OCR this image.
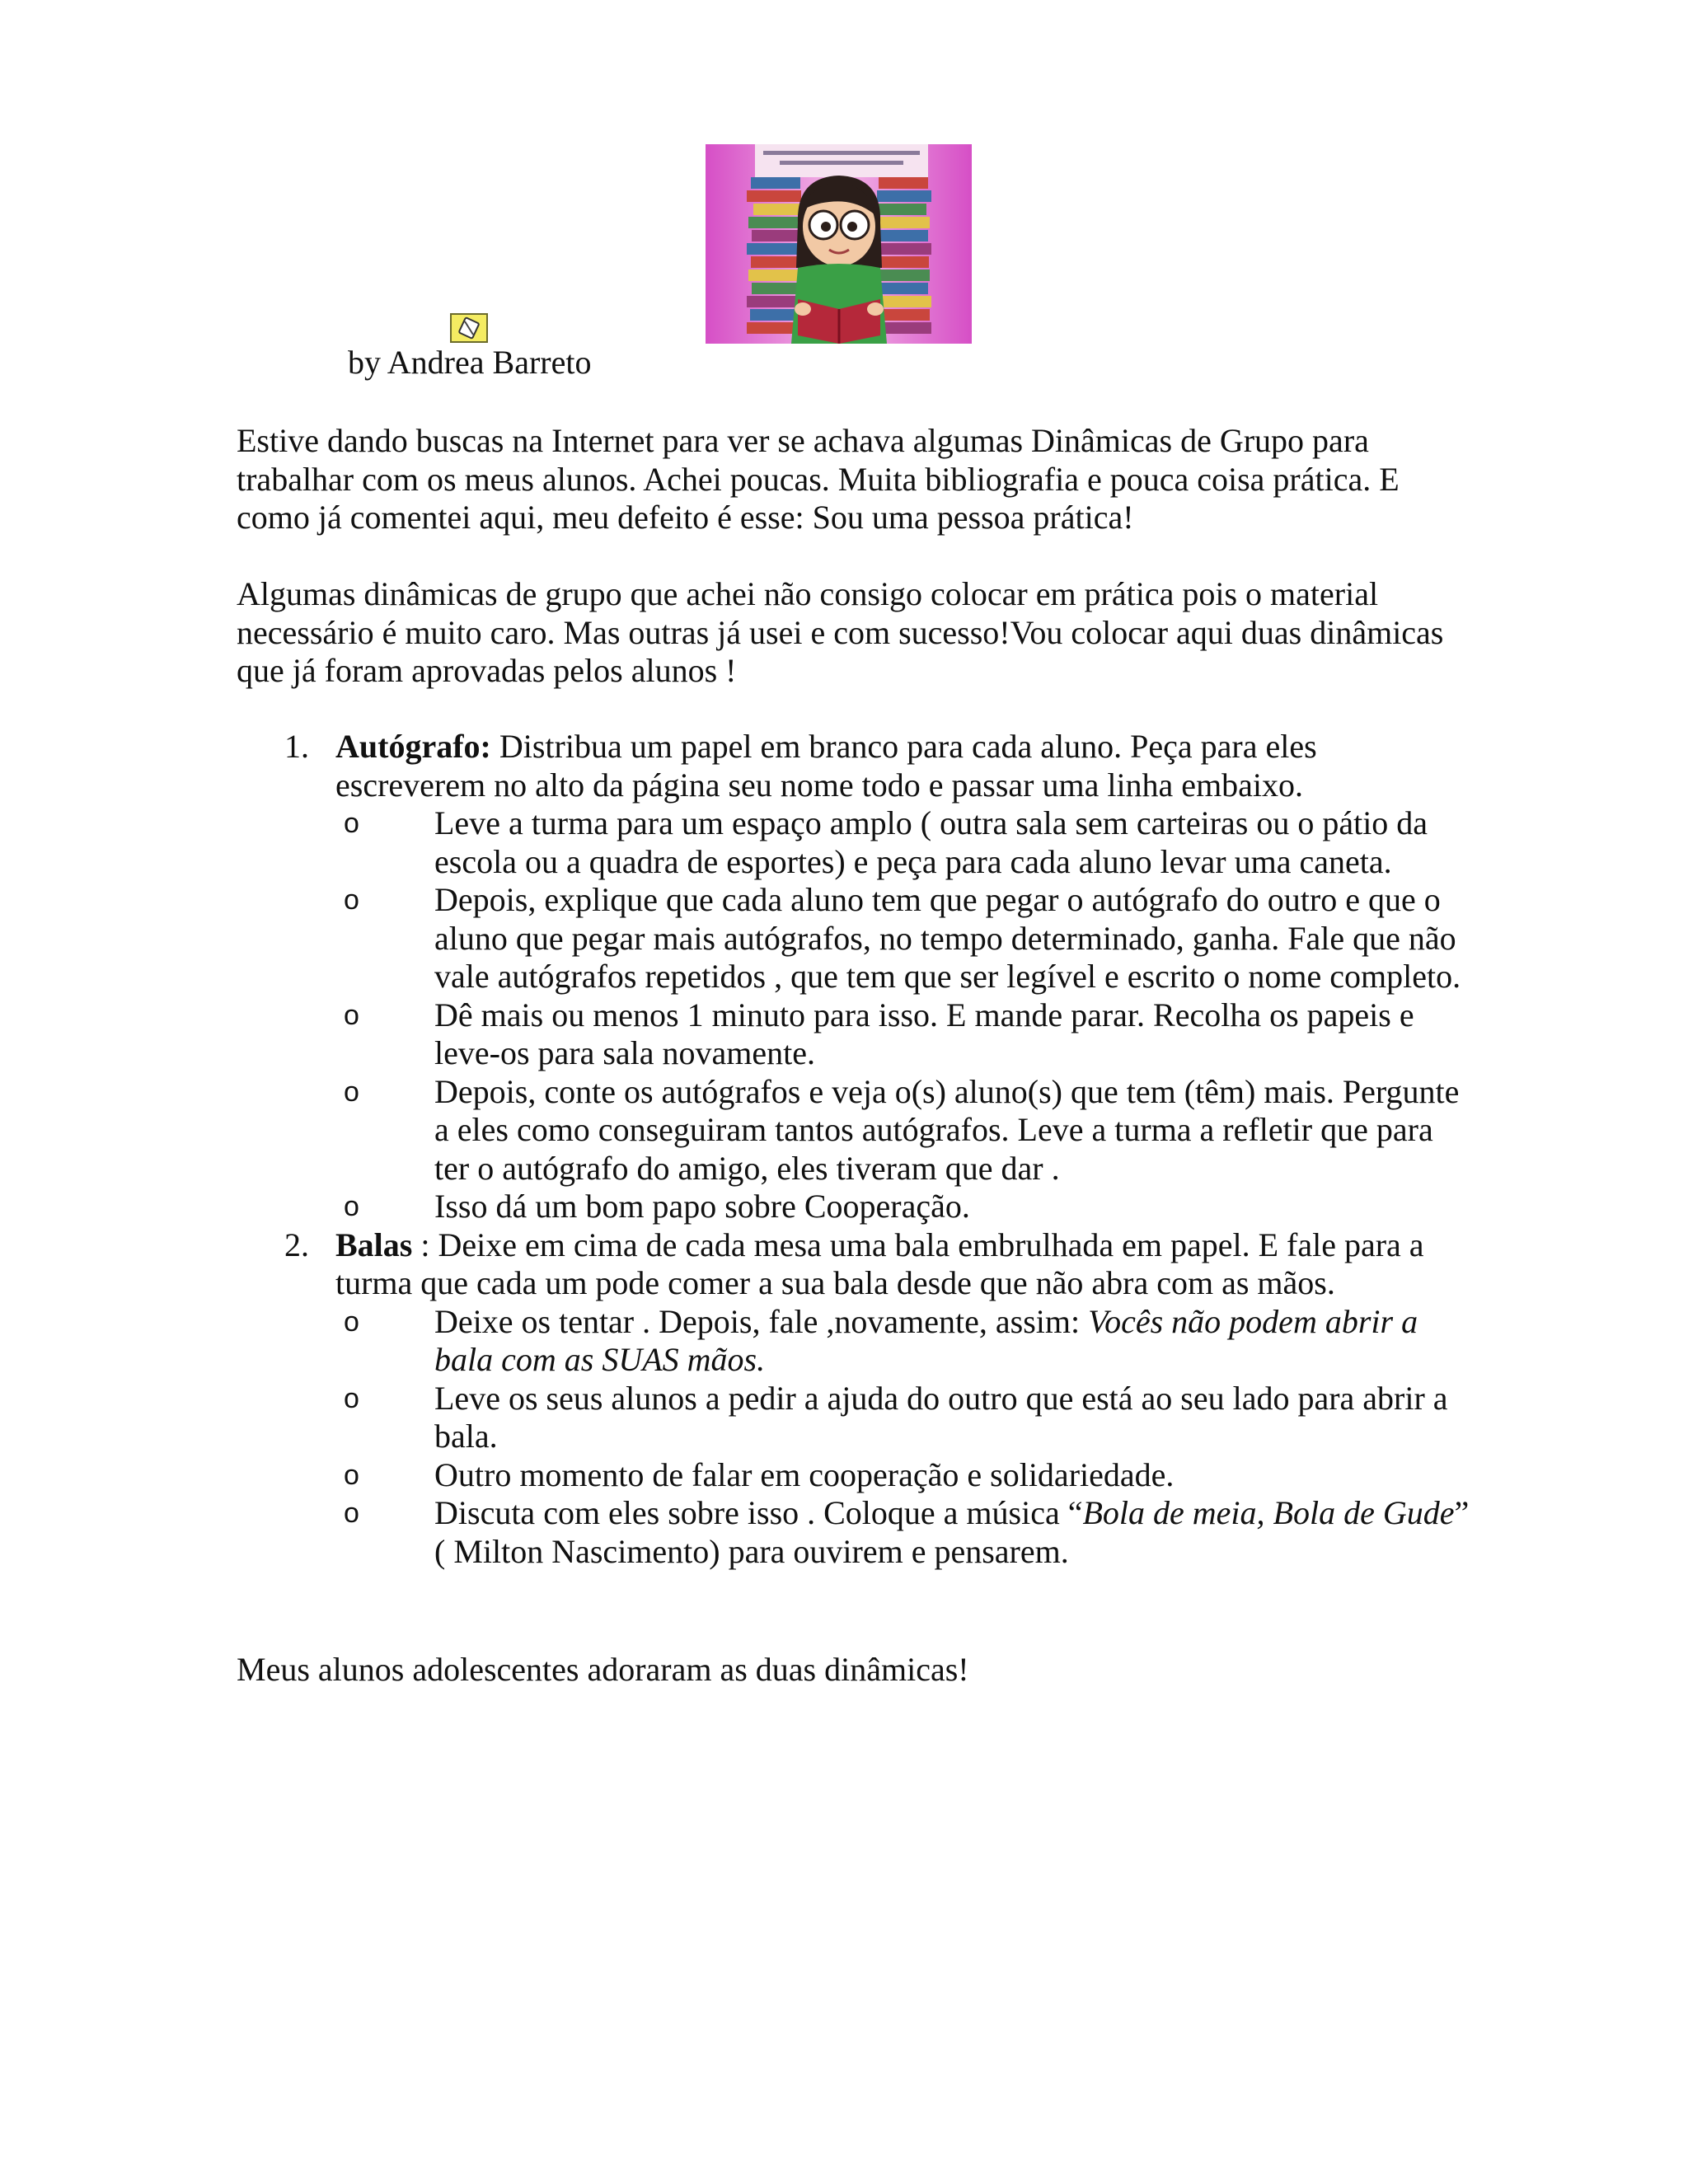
by Andrea Barreto

Estive dando buscas na Internet para ver se achava algumas Dinâmicas de Grupo para trabalhar com os meus alunos. Achei poucas. Muita bibliografia e pouca coisa prática. E como já comentei aqui, meu defeito é esse: Sou uma pessoa prática!

Algumas dinâmicas de grupo que achei não consigo colocar em prática pois o material necessário é muito caro. Mas outras já usei e com sucesso!Vou colocar aqui duas dinâmicas que já foram aprovadas pelos alunos !

1. Autógrafo: Distribua um papel em branco para cada aluno. Peça para eles escreverem no alto da página seu nome todo e passar uma linha embaixo.
o Leve a turma para um espaço amplo ( outra sala sem carteiras ou o pátio da escola ou a quadra de esportes) e peça para cada aluno levar uma caneta.
o Depois, explique que cada aluno tem que pegar o autógrafo do outro e que o aluno que pegar mais autógrafos, no tempo determinado, ganha. Fale que não vale autógrafos repetidos , que tem que ser legível e escrito o nome completo.
o Dê mais ou menos 1 minuto para isso. E mande parar. Recolha os papeis e leve-os para sala novamente.
o Depois, conte os autógrafos e veja o(s) aluno(s) que tem (têm) mais. Pergunte a eles como conseguiram tantos autógrafos. Leve a turma a refletir que para ter o autógrafo do amigo, eles tiveram que dar .
o Isso dá um bom papo sobre Cooperação.
2. Balas : Deixe em cima de cada mesa uma bala embrulhada em papel. E fale para a turma que cada um pode comer a sua bala desde que não abra com as mãos.
o Deixe os tentar . Depois, fale ,novamente, assim: Vocês não podem abrir a bala com as SUAS mãos.
o Leve os seus alunos a pedir a ajuda do outro que está ao seu lado para abrir a bala.
o Outro momento de falar em cooperação e solidariedade.
o Discuta com eles sobre isso . Coloque a música “Bola de meia, Bola de Gude” ( Milton Nascimento) para ouvirem e pensarem.

Meus alunos adolescentes adoraram as duas dinâmicas!
